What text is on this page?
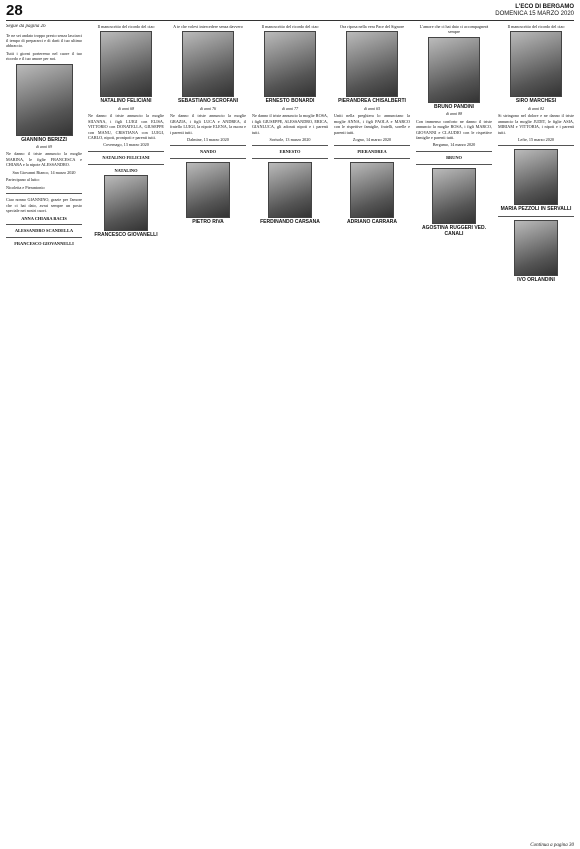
28	L'ECO DI BERGAMO
DOMENICA 15 MARZO 2020
Segue da pagina 26

Te ne sei andato troppo presto senza lasciarci il tempo di prepararci e di darti il tuo ultimo abbraccio.

Tutti i giorni porteremo nel cuore il tuo ricordo e il tuo amore per noi.

GIANNINO BERIZZI
di anni 69

Ne danno il triste annuncio la moglie MARINA, le figlie FRANCESCA e CHIARA e la nipote ALESSANDRO.

San Giovanni Bianco, 14 marzo 2020

Partecipano al lutto:

Nicoletta e Pierantonio

Ciao nonno GIANNINO, grazie per l'amore che ci hai dato, avrai sempre un posto speciale nei nostri cuori.

ANNA CHIARA BACIS
ALESSANDRO SCANDELLA
FRANCESCO GIOVANNELLI

Il manoscritto del ricordo del ciao

NATALINO FELICIANI
di anni 68

Ne danno il triste annuncio la moglie SILVANA, i figli LUIGI con ELISA, VITTORIO con DONATELLA, GIUSEPPE con MANU, CRISTIANA con LUIGI, CARLO, nipoti, pronipoti e parenti tutti.

Covernago, 13 marzo 2020

NATALINO FELICIANI
NATALINO
FRANCESCO GIOVANELLI

A te che volevi intercedere senza davvero

SEBASTIANO SCROFANI
di anni 76

Ne danno il triste annuncio la moglie GRAZIA, i figli LUCA e ANDREA, il fratello LUIGI, la nipote ELENA, la nuora e i parenti tutti.

Dalmine, 13 marzo 2020

NANDO
PIETRO RIVA

Il manoscritto del ricordo del ciao

ERNESTO BONARDI
di anni 77

Ne danno il triste annuncio la moglie ROSA, i figli GIUSEPPE, ALESSANDRO, ERICA, GIANLUCA, gli adorati nipoti e i parenti tutti.

Sorisole, 13 marzo 2020

ERNESTO
FERDINANDO CARSANA

Ora riposa nella vera Pace del Signore

PIERANDREA CHISALBERTI
di anni 65

Uniti nella preghiera lo annunciano la moglie ANNA, i figli PAOLA e MARCO con le rispettive famiglie, fratelli, sorelle e parenti tutti.

Zogno, 14 marzo 2020

PIERANDREA
ADRIANO CARRARA

L'amore che ci hai dato ci accompagnerà sempre

BRUNO PANDINI
di anni 88

Con immenso conforto ne danno il triste annuncio la moglie ROSA, i figli MARCO, GIOVANNI e CLAUDIO con le rispettive famiglie e parenti tutti.

Bergamo, 14 marzo 2020

BRUNO
AGOSTINA RUGGERI VED. CANALI

Il manoscritto del ricordo del ciao

SIRO MARCHESI
di anni 82

Si stringono nel dolore e ne danno il triste annuncio la moglie JUDIT, le figlie ASIA, MIRIAM e VITTORIA, i nipoti e i parenti tutti.

Lefte, 15 marzo 2020

MARIA PEZZOLI IN SERVALLI
IVO ORLANDINI
Continua a pagina 30
